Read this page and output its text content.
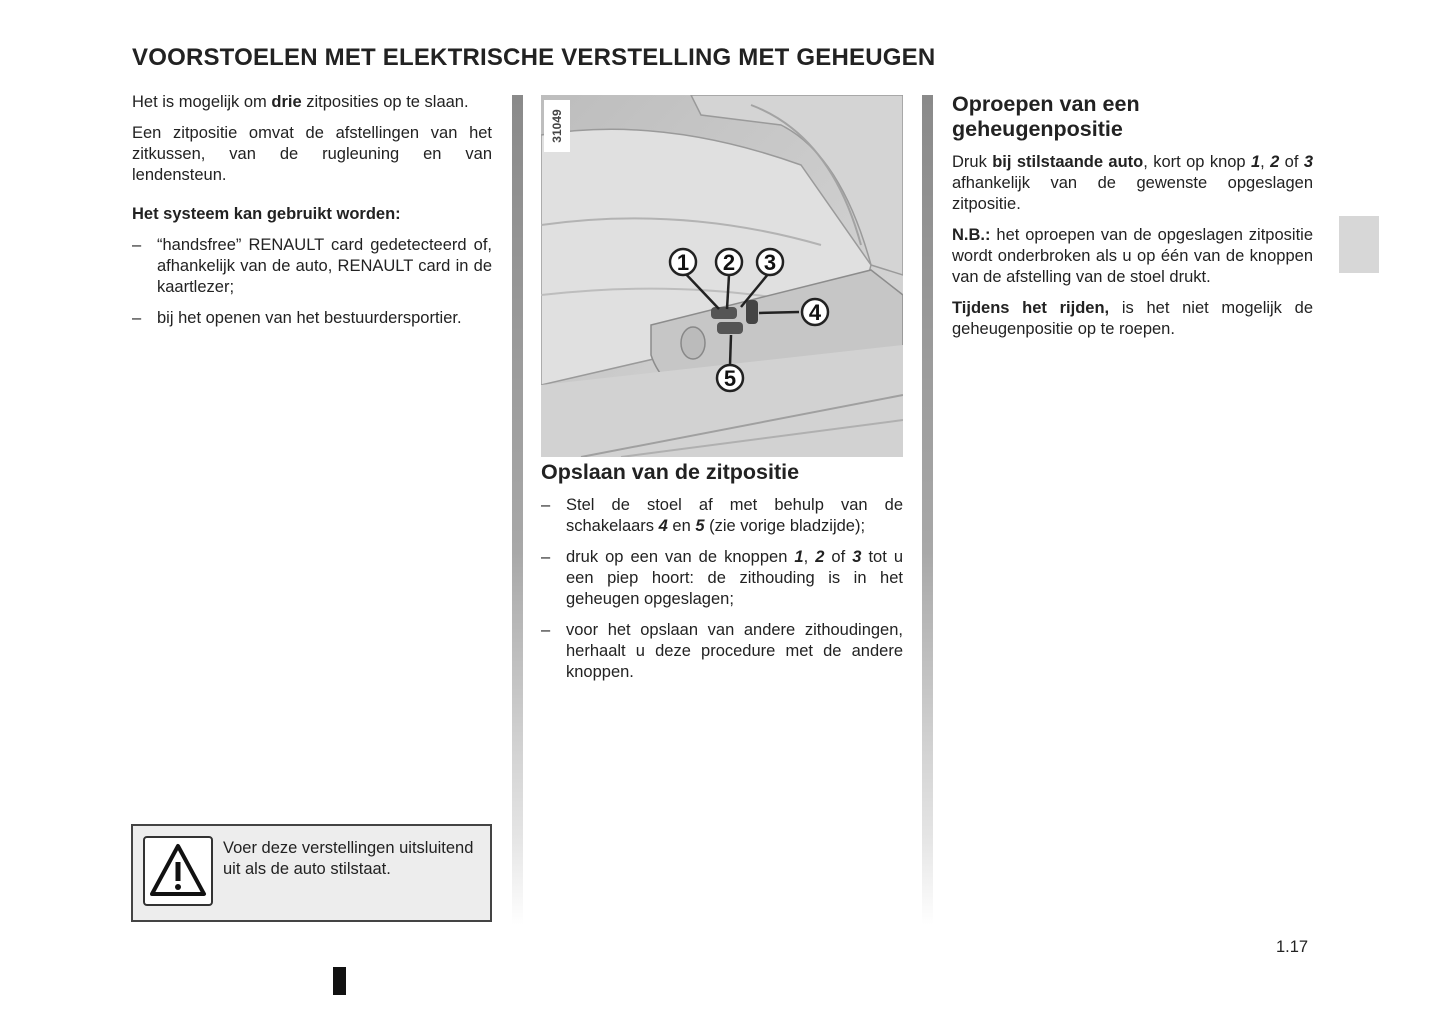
VOORSTOELEN MET ELEKTRISCHE VERSTELLING MET GEHEUGEN

Het is mogelijk om drie zitposities op te slaan.

Een zitpositie omvat de afstellingen van het zitkussen, van de rugleuning en van lendensteun.

Het systeem kan gebruikt worden:

– “handsfree” RENAULT card gedetecteerd of, afhankelijk van de auto, RENAULT card in de kaartlezer;
– bij het openen van het bestuurdersportier.
1 2 3
4
5
31049
Opslaan van de zitpositie
– Stel de stoel af met behulp van de schakelaars 4 en 5 (zie vorige bladzijde);
– druk op een van de knoppen 1, 2 of 3 tot u een piep hoort: de zithouding is in het geheugen opgeslagen;
– voor het opslaan van andere zithoudingen, herhaalt u deze procedure met de andere knoppen.
Oproepen van een geheugenpositie

Druk bij stilstaande auto, kort op knop 1, 2 of 3 afhankelijk van de gewenste opgeslagen zitpositie.

N.B.: het oproepen van de opgeslagen zitpositie wordt onderbroken als u op één van de knoppen van de afstelling van de stoel drukt.

Tijdens het rijden, is het niet mogelijk de geheugenpositie op te roepen.

Voer deze verstellingen uitsluitend uit als de auto stilstaat.
1.17
